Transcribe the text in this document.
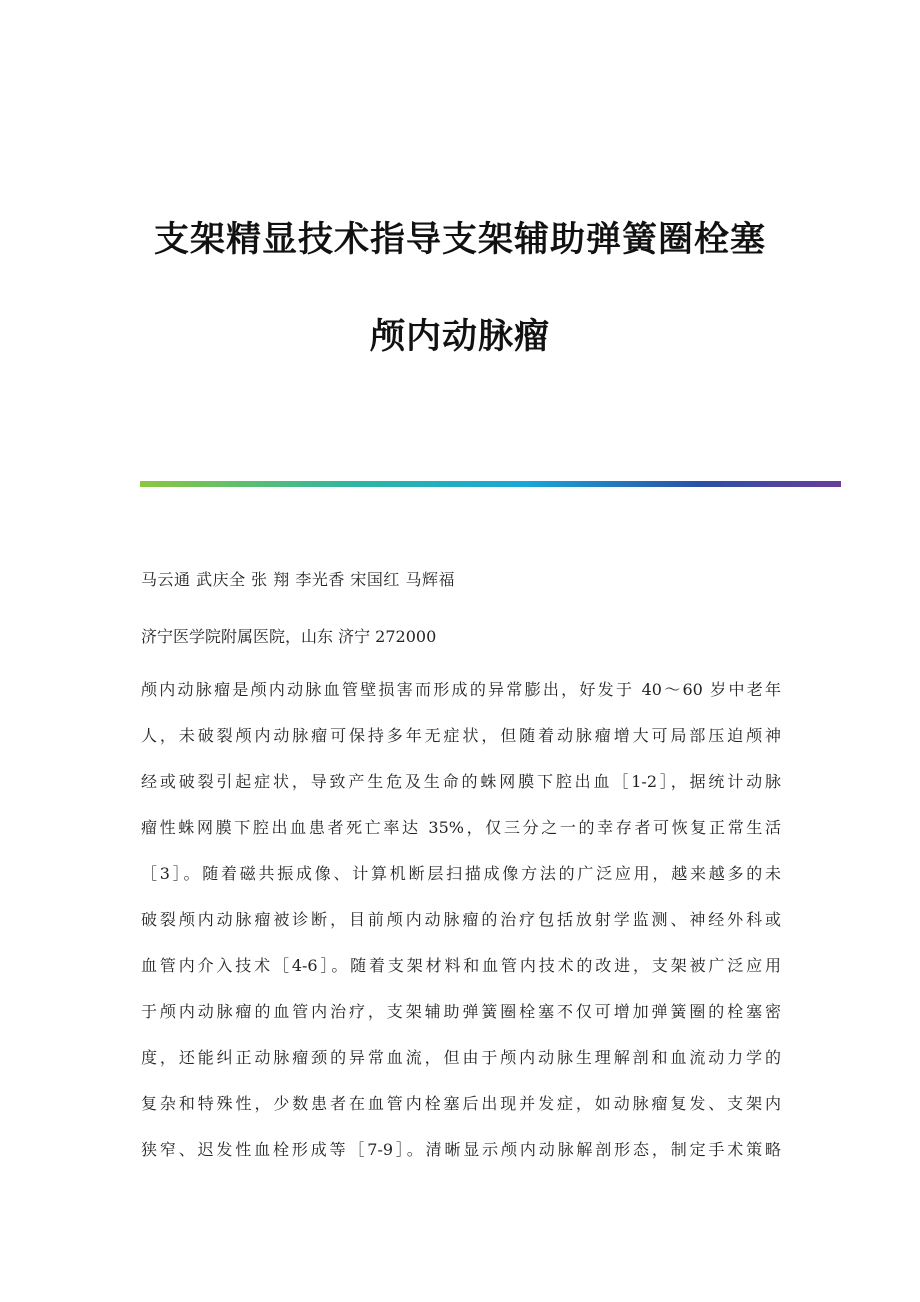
支架精显技术指导支架辅助弹簧圈栓塞
颅内动脉瘤
马云通 武庆全 张 翔 李光香 宋国红 马辉福
济宁医学院附属医院，山东 济宁 272000
颅内动脉瘤是颅内动脉血管壁损害而形成的异常膨出，好发于 40～60 岁中老年
人，未破裂颅内动脉瘤可保持多年无症状，但随着动脉瘤增大可局部压迫颅神
经或破裂引起症状，导致产生危及生命的蛛网膜下腔出血［1-2］，据统计动脉
瘤性蛛网膜下腔出血患者死亡率达 35%，仅三分之一的幸存者可恢复正常生活
［3］。随着磁共振成像、计算机断层扫描成像方法的广泛应用，越来越多的未
破裂颅内动脉瘤被诊断，目前颅内动脉瘤的治疗包括放射学监测、神经外科或
血管内介入技术［4-6］。随着支架材料和血管内技术的改进，支架被广泛应用
于颅内动脉瘤的血管内治疗，支架辅助弹簧圈栓塞不仅可增加弹簧圈的栓塞密
度，还能纠正动脉瘤颈的异常血流，但由于颅内动脉生理解剖和血流动力学的
复杂和特殊性，少数患者在血管内栓塞后出现并发症，如动脉瘤复发、支架内
狭窄、迟发性血栓形成等［7-9］。清晰显示颅内动脉解剖形态，制定手术策略
